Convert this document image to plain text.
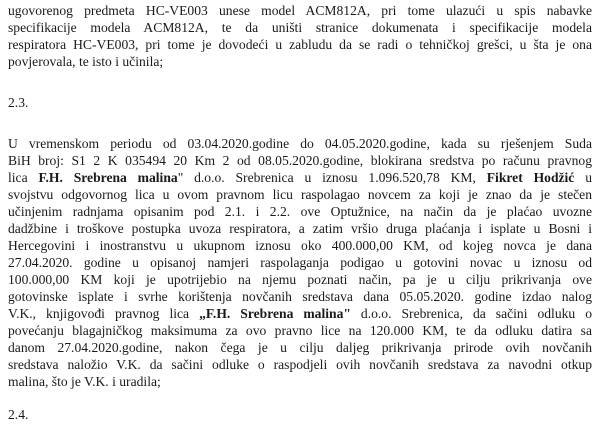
ugovorenog predmeta HC-VE003 unese model ACM812A, pri tome ulazući u spis nabavke
specifikacije modela ACM812A, te da uništi stranice dokumenata i specifikacije modela
respiratora HC-VE003, pri tome je dovodeći u zabludu da se radi o tehničkoj grešci, u šta je ona
povjerovala, te isto i učinila;
2.3.
U vremenskom periodu od 03.04.2020.godine do 04.05.2020.godine, kada su rješenjem Suda
BiH broj: S1 2 K 035494 20 Km 2 od 08.05.2020.godine, blokirana sredstva po računu pravnog
lica F.H. Srebrena malina" d.o.o. Srebrenica u iznosu 1.096.520,78 KM, Fikret Hodžić u
svojstvu odgovornog lica u ovom pravnom licu raspolagao novcem za koji je znao da je stečen
učinjenim radnjama opisanim pod 2.1. i 2.2. ove Optužnice, na način da je plaćao uvozne
dadžbine i troškove postupka uvoza respiratora, a zatim vršio druga plaćanja i isplate u Bosni i
Hercegovini i inostranstvu u ukupnom iznosu oko 400.000,00 KM, od kojeg novca je dana
27.04.2020. godine u opisanoj namjeri raspolaganja podigao u gotovini novac u iznosu od
100.000,00 KM koji je upotrijebio na njemu poznati način, pa je u cilju prikrivanja ove
gotovinske isplate i svrhe korištenja novčanih sredstava dana 05.05.2020. godine izdao nalog
V.K., knjigovođi pravnog lica „F.H. Srebrena malina" d.o.o. Srebrenica, da sačini odluku o
povećanju blagajničkog maksimuma za ovo pravno lice na 120.000 KM, te da odluku datira sa
danom 27.04.2020.godine, nakon čega je u cilju daljeg prikrivanja prirode ovih novčanih
sredstava naložio V.K. da sačini odluke o raspodjeli ovih novčanih sredstava za navodni otkup
malina, što je V.K. i uradila;
2.4.
